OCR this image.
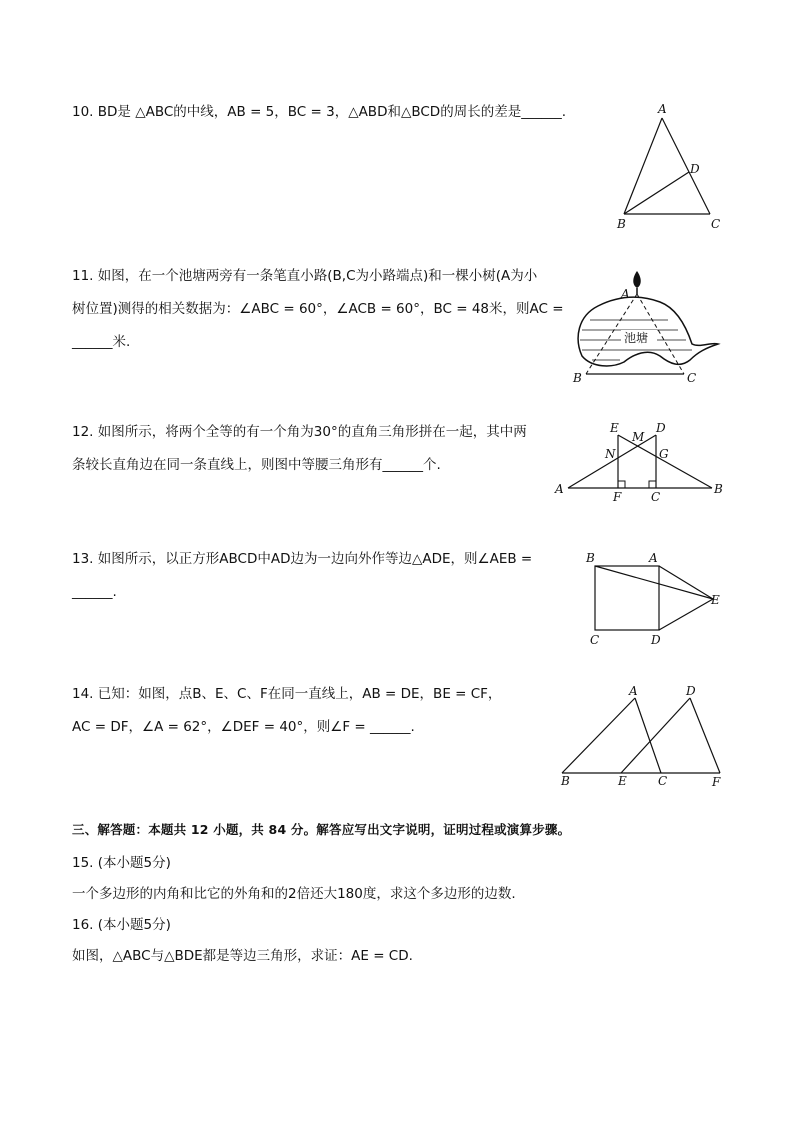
10. BD是 △ABC的中线，AB = 5，BC = 3，△ABD和△BCD的周长的差是______.	A
D
B	C
11. 如图，在一个池塘两旁有一条笔直小路(B,C为小路端点)和一棵小树(A为小
树位置)测得的相关数据为：∠ABC = 60°，∠ACB = 60°，BC = 48米，则AC =
______米.	池塘
A
B	C
12. 如图所示，将两个全等的有一个角为30°的直角三角形拼在一起，其中两
条较长直角边在同一条直线上，则图中等腰三角形有______个.
E
M
D
N	G
A
F C
B
13. 如图所示，以正方形ABCD中AD边为一边向外作等边△ADE，则∠AEB =
______.
B	A
E
C	D
14. 已知：如图，点B、E、C、F在同一直线上，AB = DE，BE = CF，
AC = DF，∠A = 62°，∠DEF = 40°，则∠F = ______.
A	D
B	E	C	F
三、解答题：本题共 12 小题，共 84 分。解答应写出文字说明，证明过程或演算步骤。
15. (本小题5分)
一个多边形的内角和比它的外角和的2倍还大180度，求这个多边形的边数.
16. (本小题5分)
如图，△ABC与△BDE都是等边三角形，求证：AE = CD.
